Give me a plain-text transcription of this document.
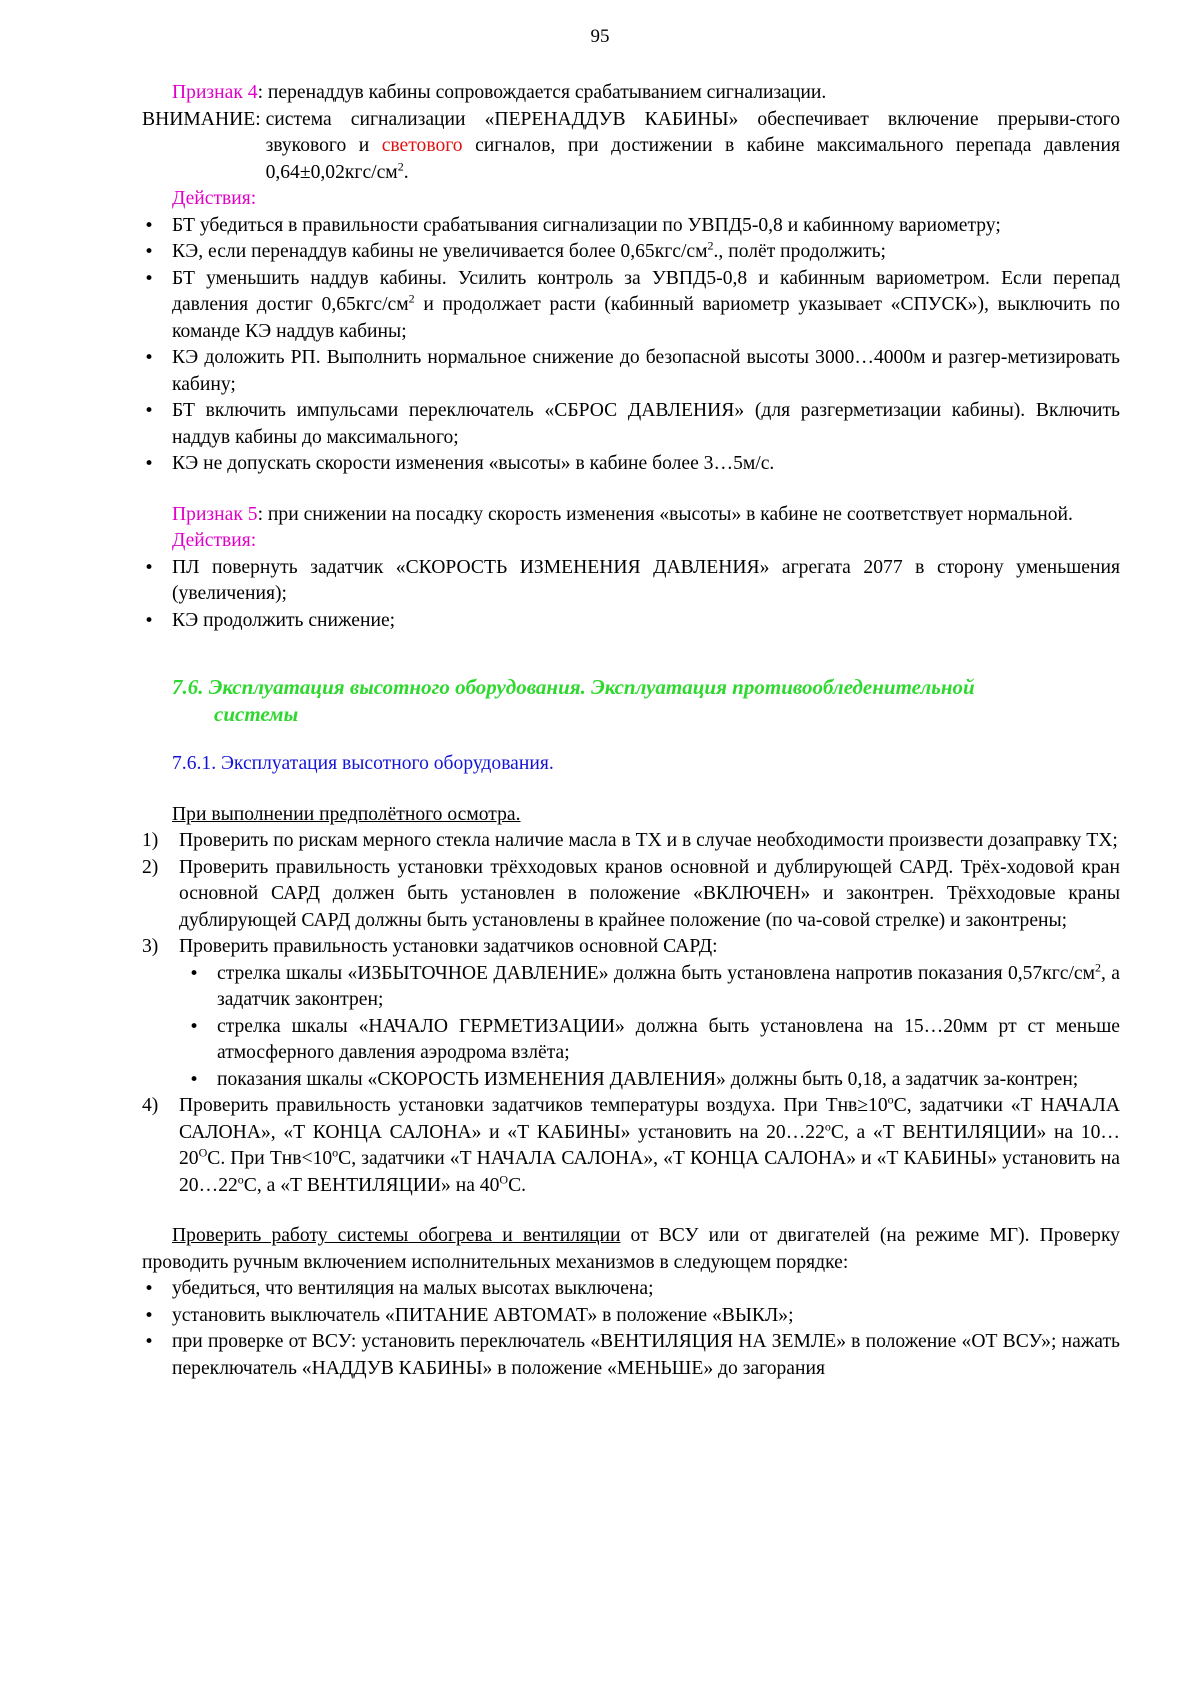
95

Признак 4: перенаддув кабины сопровождается срабатыванием сигнализации.

ВНИМАНИЕ: система сигнализации «ПЕРЕНАДДУВ КАБИНЫ» обеспечивает включение прерыви-стого звукового и светового сигналов, при достижении в кабине максимального перепада давления $0,64\pm 0,02кгс/см^2$.

Действия:

• БТ убедиться в правильности срабатывания сигнализации по УВПД5-0,8 и кабинному вариометру;
• КЭ, если перенаддув кабины не увеличивается более $0,65кгс/см^2$., полёт продолжить;
• БТ уменьшить наддув кабины. Усилить контроль за УВПД5-0,8 и кабинным вариометром. Если перепад давления достиг $0,65кгс/см^2$ и продолжает расти (кабинный вариометр указывает «СПУСК»), выключить по команде КЭ наддув кабины;
• КЭ доложить РП. Выполнить нормальное снижение до безопасной высоты 3000…4000м и разгер-метизировать кабину;
• БТ включить импульсами переключатель «СБРОС ДАВЛЕНИЯ» (для разгерметизации кабины). Включить наддув кабины до максимального;
• КЭ не допускать скорости изменения «высоты» в кабине более 3…5м/с.
Признак 5 : при снижении на посадку скорость изменения «высоты» в кабине не соответствует нормальной.

Действия:

• ПЛ повернуть задатчик «СКОРОСТЬ ИЗМЕНЕНИЯ ДАВЛЕНИЯ» агрегата 2077 в сторону уменьшения (увеличения);
• КЭ продолжить снижение;
7.6. Эксплуатация высотного оборудования. Эксплуатация противообледенительной
системы

7.6.1. Эксплуатация высотного оборудования.

При выполнении предполётного осмотра.

1) Проверить по рискам мерного стекла наличие масла в ТХ и в случае необходимости произвести дозаправку ТХ;
2) Проверить правильность установки трёхходовых кранов основной и дублирующей САРД. Трёх-ходовой кран основной САРД должен быть установлен в положение «ВКЛЮЧЕН» и законтрен. Трёхходовые краны дублирующей САРД должны быть установлены в крайнее положение (по ча-совой стрелке) и законтрены;
3) Проверить правильность установки задатчиков основной САРД:
• стрелка шкалы «ИЗБЫТОЧНОЕ ДАВЛЕНИЕ» должна быть установлена напротив показания $0,57кгс/см^2$, а задатчик законтрен;
• стрелка шкалы «НАЧАЛО ГЕРМЕТИЗАЦИИ» должна быть установлена на 15…20мм рт ст меньше атмосферного давления аэродрома взлёта;
• показания шкалы «СКОРОСТЬ ИЗМЕНЕНИЯ ДАВЛЕНИЯ» должны быть 0,18, а задатчик за-контрен;
4) Проверить правильность установки задатчиков температуры воздуха. При $Тнв\ge 10^oС$, задатчики «Т НАЧАЛА САЛОНА», «Т КОНЦА САЛОНА» и «Т КАБИНЫ» установить на 20…22$^o$С, а «Т ВЕНТИЛЯЦИИ» на $10\dots 20^OС$. При $Тнв<10^oС$, задатчики «Т НАЧАЛА САЛОНА», «Т КОНЦА САЛОНА» и «Т КАБИНЫ» установить на 20…22$^o$С, а «Т ВЕНТИЛЯЦИИ» на $40^OС$.

Проверить работу системы обогрева и вентиляции от ВСУ или от двигателей (на режиме МГ). Проверку проводить ручным включением исполнительных механизмов в следующем порядке:

• убедиться, что вентиляция на малых высотах выключена;
• установить выключатель «ПИТАНИЕ АВТОМАТ» в положение «ВЫКЛ»;
• при проверке от ВСУ: установить переключатель «ВЕНТИЛЯЦИЯ НА ЗЕМЛЕ» в положение «ОТ ВСУ»; нажать переключатель «НАДДУВ КАБИНЫ» в положение «МЕНЬШЕ» до загорания
